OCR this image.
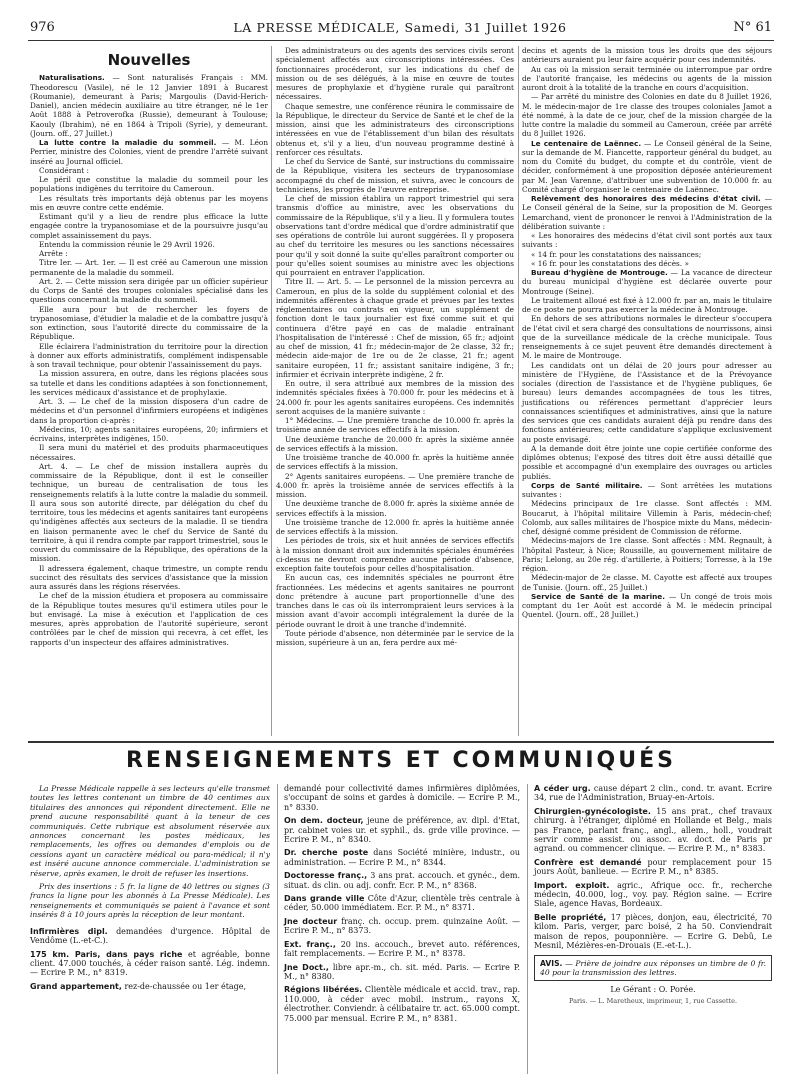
976	LA PRESSE MÉDICALE, Samedi, 31 Juillet 1926	N° 61
Nouvelles

Naturalisations. — Sont naturalisés Français : MM. Theodorescu (Vasile), né le 12 Janvier 1891 à Bucarest (Roumanie), demeurant à Paris; Margoulis (David-Herich-Daniel), ancien médecin auxiliaire au titre étranger, né le 1er Août 1888 à Petroverofka (Russie), demeurant à Toulouse; Kaouly (Ibrahim), né en 1864 à Tripoli (Syrie), y demeurant. (Journ. off., 27 Juillet.)

La lutte contre la maladie du sommeil. — M. Léon Perrier, ministre des Colonies, vient de prendre l'arrêté suivant inséré au Journal officiel.

Considérant :

Le péril que constitue la maladie du sommeil pour les populations indigènes du territoire du Cameroun.

Les résultats très importants déjà obtenus par les moyens mis en œuvre contre cette endémie.

Estimant qu'il y a lieu de rendre plus efficace la lutte engagée contre la trypanosomiase et de la poursuivre jusqu'au complet assainissement du pays.

Entendu la commission réunie le 29 Avril 1926.

Arrête :

Titre Ier. — Art. 1er. — Il est créé au Cameroun une mission permanente de la maladie du sommeil.

Art. 2. — Cette mission sera dirigée par un officier supérieur du Corps de Santé des troupes coloniales spécialisé dans les questions concernant la maladie du sommeil.

Elle aura pour but de rechercher les foyers de trypanosomiase, d'étudier la maladie et de la combattre jusqu'à son extinction, sous l'autorité directe du commissaire de la République.

Elle éclairera l'administration du territoire pour la direction à donner aux efforts administratifs, complément indispensable à son travail technique, pour obtenir l'assainissement du pays.

La mission assurera, en outre, dans les régions placées sous sa tutelle et dans les conditions adaptées à son fonctionnement, les services médicaux d'assistance et de prophylaxie.

Art. 3. — Le chef de la mission disposera d'un cadre de médecins et d'un personnel d'infirmiers européens et indigènes dans la proportion ci-après :

Médecins, 10; agents sanitaires européens, 20; infirmiers et écrivains, interprètes indigènes, 150.

Il sera muni du matériel et des produits pharmaceutiques nécessaires.

Art. 4. — Le chef de mission installera auprès du commissaire de la République, dont il est le conseiller technique, un bureau de centralisation de tous les renseignements relatifs à la lutte contre la maladie du sommeil. Il aura sous son autorité directe, par délégation du chef du territoire, tous les médecins et agents sanitaires tant européens qu'indigènes affectés aux secteurs de la maladie. Il se tiendra en liaison permanente avec le chef du Service de Santé du territoire, à qui il rendra compte par rapport trimestriel, sous le couvert du commissaire de la République, des opérations de la mission.

Il adressera également, chaque trimestre, un compte rendu succinct des résultats des services d'assistance que la mission aura assurés dans les régions réservées.

Le chef de la mission étudiera et proposera au commissaire de la République toutes mesures qu'il estimera utiles pour le but envisagé. La mise à exécution et l'application de ces mesures, après approbation de l'autorité supérieure, seront contrôlées par le chef de mission qui recevra, à cet effet, les rapports d'un inspecteur des affaires administratives.

Des administrateurs ou des agents des services civils seront spécialement affectés aux circonscriptions intéressées. Ces fonctionnaires procéderont, sur les indications du chef de mission ou de ses délégués, à la mise en œuvre de toutes mesures de prophylaxie et d'hygiène rurale qui paraîtront nécessaires.

Chaque semestre, une conférence réunira le commissaire de la République, le directeur du Service de Santé et le chef de la mission, ainsi que les administrateurs des circonscriptions intéressées en vue de l'établissement d'un bilan des résultats obtenus et, s'il y a lieu, d'un nouveau programme destiné à renforcer ces résultats.

Le chef du Service de Santé, sur instructions du commissaire de la République, visitera les secteurs de trypanosomiase accompagné du chef de mission, et suivra, avec le concours de techniciens, les progrès de l'œuvre entreprise.

Le chef de mission établira un rapport trimestriel qui sera transmis d'office au ministre, avec les observations du commissaire de la République, s'il y a lieu. Il y formulera toutes observations tant d'ordre médical que d'ordre administratif que ses opérations de contrôle lui auront suggérées. Il y proposera au chef du territoire les mesures ou les sanctions nécessaires pour qu'il y soit donné la suite qu'elles paraîtront comporter ou pour qu'elles soient soumises au ministre avec les objections qui pourraient en entraver l'application.

Titre II. — Art. 5. — Le personnel de la mission percevra au Cameroun, en plus de la solde du supplément colonial et des indemnités afférentes à chaque grade et prévues par les textes réglementaires ou contrats en vigueur, un supplément de fonction dont le taux journalier est fixé comme suit et qui continuera d'être payé en cas de maladie entraînant l'hospitalisation de l'intéressé : Chef de mission, 65 fr.; adjoint au chef de mission, 41 fr.; médecin-major de 2e classe, 32 fr.; médecin aide-major de 1re ou de 2e classe, 21 fr.; agent sanitaire européen, 11 fr.; assistant sanitaire indigène, 3 fr.; infirmier et écrivain interprète indigène, 2 fr.

En outre, il sera attribué aux membres de la mission des indemnités spéciales fixées à 70.000 fr. pour les médecins et à 24.000 fr. pour les agents sanitaires européens. Ces indemnités seront acquises de la manière suivante :

1° Médecins. — Une première tranche de 10.000 fr. après la troisième année de services effectifs à la mission.

Une deuxième tranche de 20.000 fr. après la sixième année de services effectifs à la mission.

Une troisième tranche de 40.000 fr. après la huitième année de services effectifs à la mission.

2° Agents sanitaires européens. — Une première tranche de 4.000 fr. après la troisième année de services effectifs à la mission.

Une deuxième tranche de 8.000 fr. après la sixième année de services effectifs à la mission.

Une troisième tranche de 12.000 fr. après la huitième année de services effectifs à la mission.

Les périodes de trois, six et huit années de services effectifs à la mission donnant droit aux indemnités spéciales énumérées ci-dessus ne devront comprendre aucune période d'absence, exception faite toutefois pour celles d'hospitalisation.

En aucun cas, ces indemnités spéciales ne pourront être fractionnées. Les médecins et agents sanitaires ne pourront donc prétendre à aucune part proportionnelle d'une des tranches dans le cas où ils interrompraient leurs services à la mission avant d'avoir accompli intégralement la durée de la période ouvrant le droit à une tranche d'indemnité.

Toute période d'absence, non déterminée par le service de la mission, supérieure à un an, fera perdre aux mé-

decins et agents de la mission tous les droits que des séjours antérieurs auraient pu leur faire acquérir pour ces indemnités.

Au cas où la mission serait terminée ou interrompue par ordre de l'autorité française, les médecins ou agents de la mission auront droit à la totalité de la tranche en cours d'acquisition.

— Par arrêté du ministre des Colonies en date du 8 Juillet 1926, M. le médecin-major de 1re classe des troupes coloniales Jamot a été nommé, à la date de ce jour, chef de la mission chargée de la lutte contre la maladie du sommeil au Cameroun, créée par arrêté du 8 Juillet 1926.

Le centenaire de Laënnec. — Le Conseil général de la Seine, sur la demande de M. Fiancette, rapporteur général du budget, au nom du Comité du budget, du compte et du contrôle, vient de décider, conformément à une proposition déposée antérieurement par M. Jean Varenne, d'attribuer une subvention de 10.000 fr. au Comité chargé d'organiser le centenaire de Laënnec.

Relèvement des honoraires des médecins d'état civil. — Le Conseil général de la Seine, sur la proposition de M. Georges Lemarchand, vient de prononcer le renvoi à l'Administration de la délibération suivante :

« Les honoraires des médecins d'état civil sont portés aux taux suivants :

« 14 fr. pour les constatations des naissances;

« 16 fr. pour les constatations des décès. »

Bureau d'hygiène de Montrouge. — La vacance de directeur du bureau municipal d'hygiène est déclarée ouverte pour Montrouge (Seine).

Le traitement alloué est fixé à 12.000 fr. par an, mais le titulaire de ce poste ne pourra pas exercer la médecine à Montrouge.

En dehors de ses attributions normales le directeur s'occupera de l'état civil et sera chargé des consultations de nourrissons, ainsi que de la surveillance médicale de la crèche municipale. Tous renseignements à ce sujet peuvent être demandés directement à M. le maire de Montrouge.

Les candidats ont un délai de 20 jours pour adresser au ministère de l'Hygiène, de l'Assistance et de la Prévoyance sociales (direction de l'assistance et de l'hygiène publiques, 6e bureau) leurs demandes accompagnées de tous les titres, justifications ou références permettant d'apprécier leurs connaissances scientifiques et administratives, ainsi que la nature des services que ces candidats auraient déjà pu rendre dans des fonctions antérieures; cette candidature s'applique exclusivement au poste envisagé.

A la demande doit être jointe une copie certifiée conforme des diplômes obtenus; l'exposé des titres doit être aussi détaillé que possible et accompagné d'un exemplaire des ouvrages ou articles publiés.

Corps de Santé militaire. — Sont arrêtées les mutations suivantes :

Médecins principaux de 1re classe. Sont affectés : MM. Boucarut, à l'hôpital militaire Villemin à Paris, médecin-chef; Colomb, aux salles militaires de l'hospice mixte du Mans, médecin-chef, désigné comme président de Commission de réforme.

Médecins-majors de 1re classe. Sont affectés : MM. Regnault, à l'hôpital Pasteur, à Nice; Roussille, au gouvernement militaire de Paris; Lelong, au 20e rég. d'artillerie, à Poitiers; Torresse, à la 19e région.

Médecin-major de 2e classe. M. Cayotte est affecté aux troupes de Tunisie. (Journ. off., 25 Juillet.)

Service de Santé de la marine. — Un congé de trois mois comptant du 1er Août est accordé à M. le médecin principal Quentel. (Journ. off., 28 Juillet.)

RENSEIGNEMENTS ET COMMUNIQUÉS

La Presse Médicale rappelle à ses lecteurs qu'elle transmet toutes les lettres contenant un timbre de 40 centimes aux titulaires des annonces qui répondent directement. Elle ne prend aucune responsabilité quant à la teneur de ces communiqués. Cette rubrique est absolument réservée aux annonces concernant les postes médicaux, les remplacements, les offres ou demandes d'emplois ou de cessions ayant un caractère médical ou para-médical; il n'y est inséré aucune annonce commerciale. L'administration se réserve, après examen, le droit de refuser les insertions.

Prix des insertions : 5 fr. la ligne de 40 lettres ou signes (3 francs la ligne pour les abonnés à La Presse Médicale). Les renseignements et communiqués se paient à l'avance et sont insérés 8 à 10 jours après la réception de leur montant.

Infirmières dipl. demandées d'urgence. Hôpital de Vendôme (L.-et-C.).

175 km. Paris, dans pays riche et agréable, bonne client. 47.000 touchés, à céder raison santé. Lég. indemn. — Ecrire P. M., n° 8319.

Grand appartement, rez-de-chaussée ou 1er étage,

demandé pour collectivité dames infirmières diplômées, s'occupant de soins et gardes à domicile. — Ecrire P. M., n° 8330.

On dem. docteur, jeune de préférence, av. dipl. d'Etat, pr. cabinet voies ur. et syphil., ds. grde ville province. — Ecrire P. M., n° 8340.

Dr. cherche poste dans Société minière, industr., ou administration. — Ecrire P. M., n° 8344.

Doctoresse franç., 3 ans prat. accouch. et gynéc., dem. situat. ds clin. ou adj. confr. Ecr. P. M., n° 8368.

Dans grande ville Côte d'Azur, clientèle très centrale à céder, 50.000 immédiatem. Ecr. P. M., n° 8371.

Jne docteur franç. ch. occup. prem. quinzaine Août. — Ecrire P. M., n° 8373.

Ext. franç., 20 ins. accouch., brevet auto. références, fait remplacements. — Ecrire P. M., n° 8378.

Jne Doct., libre apr.-m., ch. sit. méd. Paris. — Ecrire P. M., n° 8380.

Régions libérées. Clientèle médicale et accid. trav., rap. 110.000, à céder avec mobil. instrum., rayons X, électrother. Conviendr. à célibataire tr. act. 65.000 compt. 75.000 par mensual. Ecrire P. M., n° 8381.

A céder urg. cause départ 2 clin., cond. tr. avant. Ecrire 34, rue de l'Administration, Bruay-en-Artois.

Chirurgien-gynécologiste. 15 ans prat., chef travaux chirurg. à l'étranger, diplômé en Hollande et Belg., mais pas France, parlant franç., angl., allem., holl., voudrait servir comme assist. ou assoc. av. doct. de Paris pr agrand. ou commencer clinique. — Ecrire P. M., n° 8383.

Confrère est demandé pour remplacement pour 15 jours Août, banlieue. — Ecrire P. M., n° 8385.

Import. exploit. agric., Afrique occ. fr., recherche médecin, 40.000, log., voy. pay. Région saine. — Ecrire Siale, agence Havas, Bordeaux.

Belle propriété, 17 pièces, donjon, eau, électricité, 70 kilom. Paris, verger, parc boisé, 2 ha 50. Conviendrait maison de repos, pouponnière. — Ecrire G. Debû, Le Mesnil, Mézières-en-Drouais (E.-et-L.).

AVIS. — Prière de joindre aux réponses un timbre de 0 fr. 40 pour la transmission des lettres.
Le Gérant : O. Porée.
Paris. — L. Maretheux, imprimeur, 1, rue Cassette.
